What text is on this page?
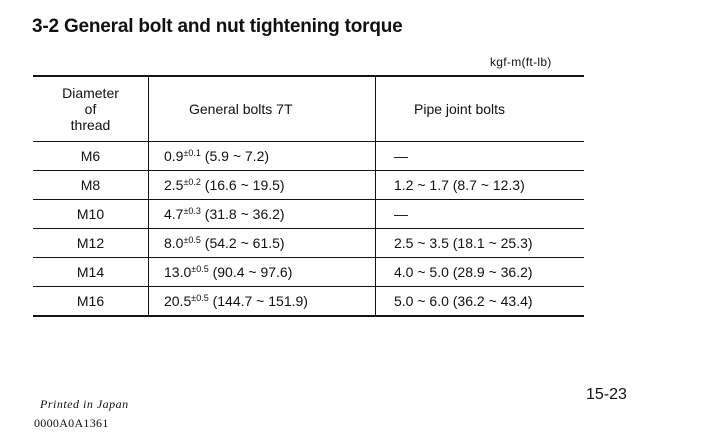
3-2 General bolt and nut tightening torque
kgf-m(ft-lb)
Diameter
of
thread	General bolts 7T	Pipe joint bolts
M6	$0.9^{\pm 0.1}$ (5.9 ~ 7.2)	—
M8	$2.5^{\pm 0.2}$ (16.6 ~ 19.5)	1.2 ~ 1.7 (8.7 ~ 12.3)
M10	$4.7^{\pm 0.3}$ (31.8 ~ 36.2)	—
M12	$8.0^{\pm 0.5}$ (54.2 ~ 61.5)	2.5 ~ 3.5 (18.1 ~ 25.3)
M14	$13.0^{\pm 0.5}$ (90.4 ~ 97.6)	4.0 ~ 5.0 (28.9 ~ 36.2)
M16	$20.5^{\pm 0.5}$ (144.7 ~ 151.9)	5.0 ~ 6.0 (36.2 ~ 43.4)
Printed in Japan
0000A0A1361
15-23
